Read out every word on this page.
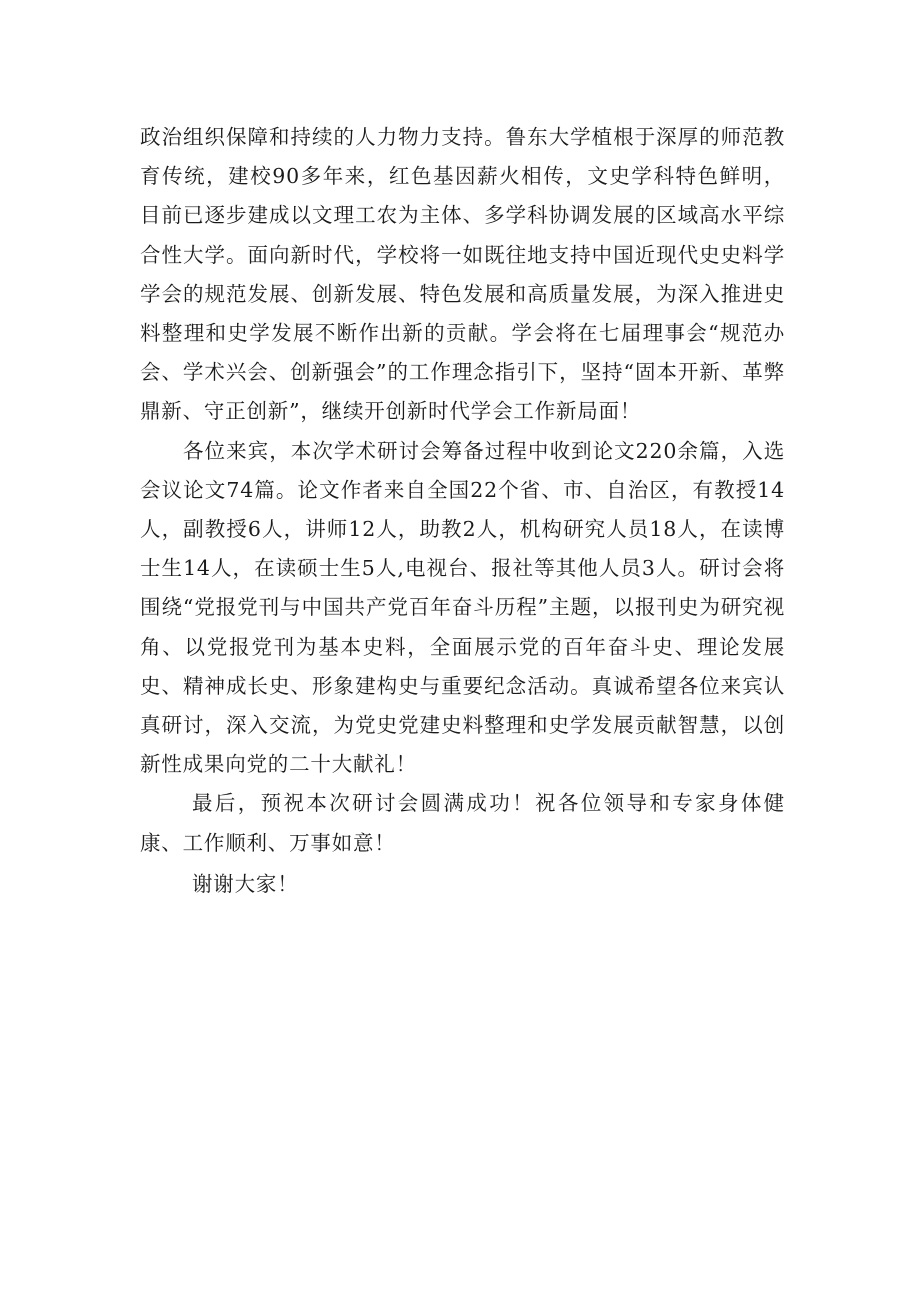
政治组织保障和持续的人力物力支持。鲁东大学植根于深厚的师范教育传统，建校90多年来，红色基因薪火相传，文史学科特色鲜明，目前已逐步建成以文理工农为主体、多学科协调发展的区域高水平综合性大学。面向新时代，学校将一如既往地支持中国近现代史史料学学会的规范发展、创新发展、特色发展和高质量发展，为深入推进史料整理和史学发展不断作出新的贡献。学会将在七届理事会“规范办会、学术兴会、创新强会”的工作理念指引下，坚持“固本开新、革弊鼎新、守正创新”，继续开创新时代学会工作新局面！

各位来宾，本次学术研讨会筹备过程中收到论文220余篇，入选会议论文74篇。论文作者来自全国22个省、市、自治区，有教授14人，副教授6人，讲师12人，助教2人，机构研究人员18人，在读博士生14人，在读硕士生5人,电视台、报社等其他人员3人。研讨会将围绕“党报党刊与中国共产党百年奋斗历程”主题，以报刊史为研究视角、以党报党刊为基本史料，全面展示党的百年奋斗史、理论发展史、精神成长史、形象建构史与重要纪念活动。真诚希望各位来宾认真研讨，深入交流，为党史党建史料整理和史学发展贡献智慧，以创新性成果向党的二十大献礼！

最后，预祝本次研讨会圆满成功！祝各位领导和专家身体健康、工作顺利、万事如意！

谢谢大家！
